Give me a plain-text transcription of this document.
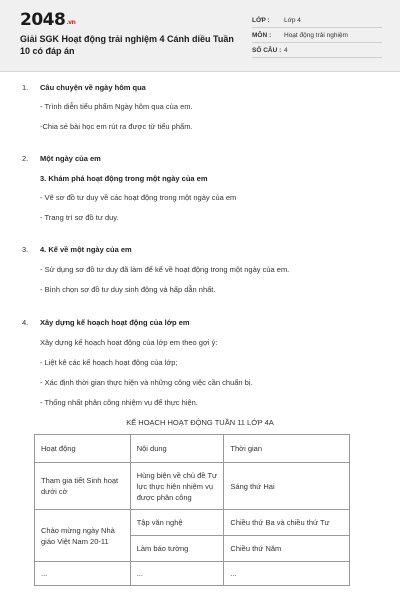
2048.vn
Giải SGK Hoạt động trải nghiệm 4 Cánh diều Tuần 10 có đáp án
LỚP : Lớp 4
MÔN : Hoạt động trải nghiệm
SỐ CÂU : 4
1. Câu chuyện về ngày hôm qua
- Trình diễn tiểu phẩm Ngày hôm qua của em.
-Chia sẻ bài học em rút ra được từ tiểu phẩm.
2. Một ngày của em
3. Khám phá hoạt động trong một ngày của em
- Vẽ sơ đồ tư duy về các hoạt động trong một ngày của em
- Trang trí sơ đồ tư duy.
3. 4. Kế về một ngày của em
- Sử dụng sơ đồ tư duy đã làm để kể về hoạt động trong một ngày của em.
- Bình chọn sơ đồ tư duy sinh động và hấp dẫn nhất.
4. Xây dựng kế hoạch hoạt động của lớp em
Xây dựng kế hoạch hoạt động của lớp em theo gợi ý:
- Liệt kê các kế hoạch hoạt động của lớp;
- Xác định thời gian thực hiện và những công việc cần chuẩn bị.
- Thống nhất phân công nhiệm vụ để thực hiện.
KẾ HOẠCH HOẠT ĐỘNG TUẦN 11 LỚP 4A
Hoạt động	Nội dung	Thời gian
Tham gia tiết Sinh hoạt dưới cờ	Hùng biện về chủ đề Tự lực thực hiện nhiệm vụ được phân công	Sáng thứ Hai
Chào mừng ngày Nhà giáo Việt Nam 20-11	Tập văn nghệ	Chiều thứ Ba và chiều thứ Tư
	Làm báo tường	Chiều thứ Năm
...	...	...
